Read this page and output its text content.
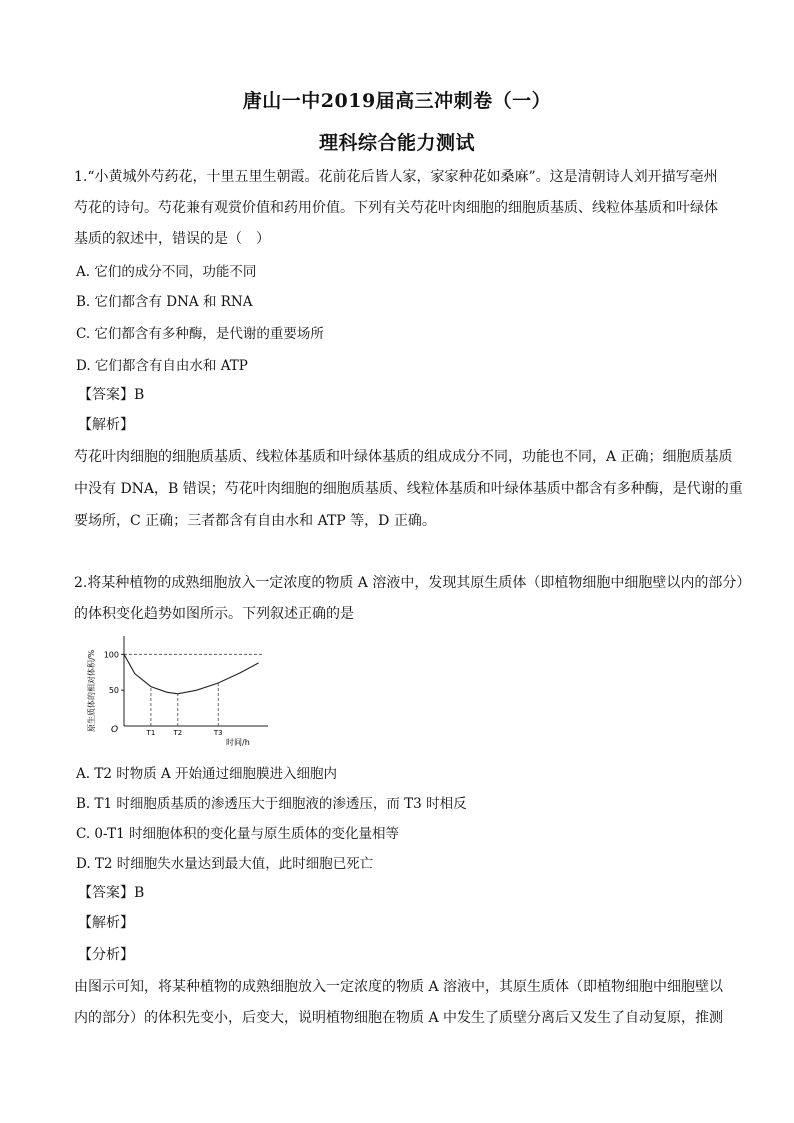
唐山一中2019届高三冲刺卷（一）
理科综合能力测试
1.“小黄城外芍药花，十里五里生朝霞。花前花后皆人家，家家种花如桑麻”。这是清朝诗人刘开描写亳州
芍花的诗句。芍花兼有观赏价值和药用价值。下列有关芍花叶肉细胞的细胞质基质、线粒体基质和叶绿体
基质的叙述中，错误的是（　）
A. 它们的成分不同，功能不同
B. 它们都含有 DNA 和 RNA
C. 它们都含有多种酶，是代谢的重要场所
D. 它们都含有自由水和 ATP
【答案】B
【解析】
芍花叶肉细胞的细胞质基质、线粒体基质和叶绿体基质的组成成分不同，功能也不同，A 正确；细胞质基质
中没有 DNA，B 错误；芍花叶肉细胞的细胞质基质、线粒体基质和叶绿体基质中都含有多种酶，是代谢的重
要场所，C 正确；三者都含有自由水和 ATP 等，D 正确。
2.将某种植物的成熟细胞放入一定浓度的物质 A 溶液中，发现其原生质体（即植物细胞中细胞壁以内的部分）
的体积变化趋势如图所示。下列叙述正确的是
100
50
T1	T2	T3
原生质体的相对体积/%
时间/h
O
A. T2 时物质 A 开始通过细胞膜进入细胞内
B. T1 时细胞质基质的渗透压大于细胞液的渗透压，而 T3 时相反
C. 0-T1 时细胞体积的变化量与原生质体的变化量相等
D. T2 时细胞失水量达到最大值，此时细胞已死亡
【答案】B
【解析】
【分析】
由图示可知，将某种植物的成熟细胞放入一定浓度的物质 A 溶液中，其原生质体（即植物细胞中细胞壁以
内的部分）的体积先变小，后变大，说明植物细胞在物质 A 中发生了质壁分离后又发生了自动复原，推测
